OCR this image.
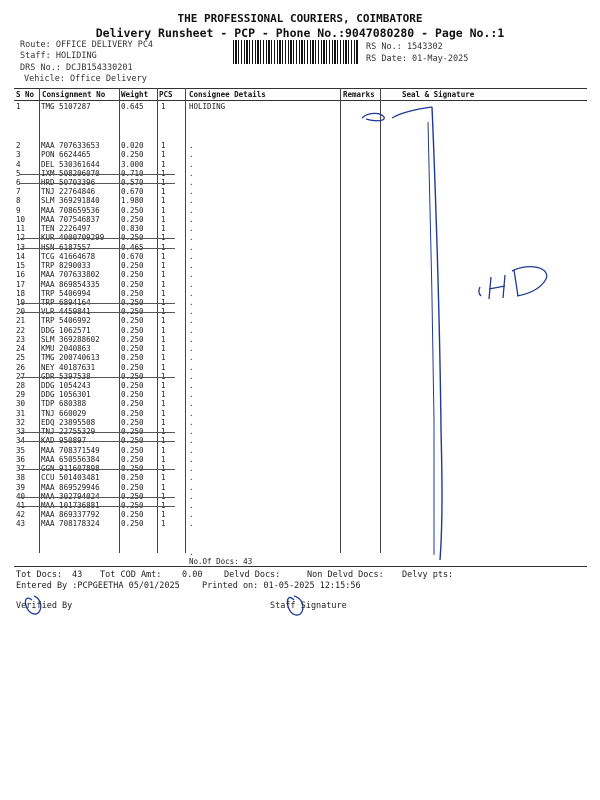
THE PROFESSIONAL COURIERS, COIMBATORE
Delivery Runsheet - PCP - Phone No.:9047080280 - Page No.:1
Route: OFFICE DELIVERY PC4
Staff: HOLIDING
DRS No.: DCJB154330201
Vehicle: Office Delivery
RS No.: 1543302
RS Date: 01-May-2025
S No Consignment No Weight PCS Consignee Details	Remarks	Seal & Signature
1	TMG 5107287	0.645 1	HOLIDING
2	MAA 707633653	0.020 1	.
3	PON 6624465	0.250 1	.
4	DEL 530361644	3.000 1	.
5	IXM 508206070	0.710 1	.
6	HRD 50703396	0.570 1	.
7	TNJ 22764846	0.670 1	.
8	SLM 369291840	1.980 1	.
9	MAA 708659536	0.250 1	.
10 MAA 707546837	0.250 1	.
11 TEN 2226497	0.830 1	.
12 KUR 4000709299 0.250 1	.
13 HSN 6187557	0.465 1	.
14 TCG 41664678	0.670 1	.
15 TRP 8290033	0.250 1	.
16 MAA 707633802	0.250 1	.
17 MAA 869854335	0.250 1	.
18 TRP 5406994	0.250 1	.
19 TRP 6894164	0.250 1	.
20 VLR 4459841	0.250 1	.
21 TRP 5406992	0.250 1	.
22 DDG 1062571	0.250 1	.
23 SLM 369288602	0.250 1	.
24 KMU 2040863	0.250 1	.
25 TMG 200740613	0.250 1	.
26 NEY 40187631	0.250 1	.
27 GDR 5397538	0.250 1	.
28 DDG 1054243	0.250 1	.
29 DDG 1056301	0.250 1	.
30 TDP 680388	0.250 1	.
31 TNJ 660029	0.250 1	.
32 EDQ 23895508	0.250 1	.
33 TNJ 22755329	0.250 1	.
34 KAD 950897	0.250 1	.
35 MAA 708371549	0.250 1	.
36 MAA 650556384	0.250 1	.
37 GGN 911607898	0.250 1	.
38 CCU 501403481	0.250 1	.
39 MAA 869529946	0.250 1	.
40 MAA 302794024	0.250 1	.
41 MAA 101736881	0.250 1	.
42 MAA 869337792	0.250 1	.
43 MAA 708178324	0.250 1	.
.
No.Of Docs: 43
Tot Docs: 43 Tot COD Amt: 0.00	Delvd Docs:	Non Delvd Docs: Delvy pts:
Entered By :PCPGEETHA 05/01/2025	Printed on: 01-05-2025 12:15:56
Verified By	Staff Signature
